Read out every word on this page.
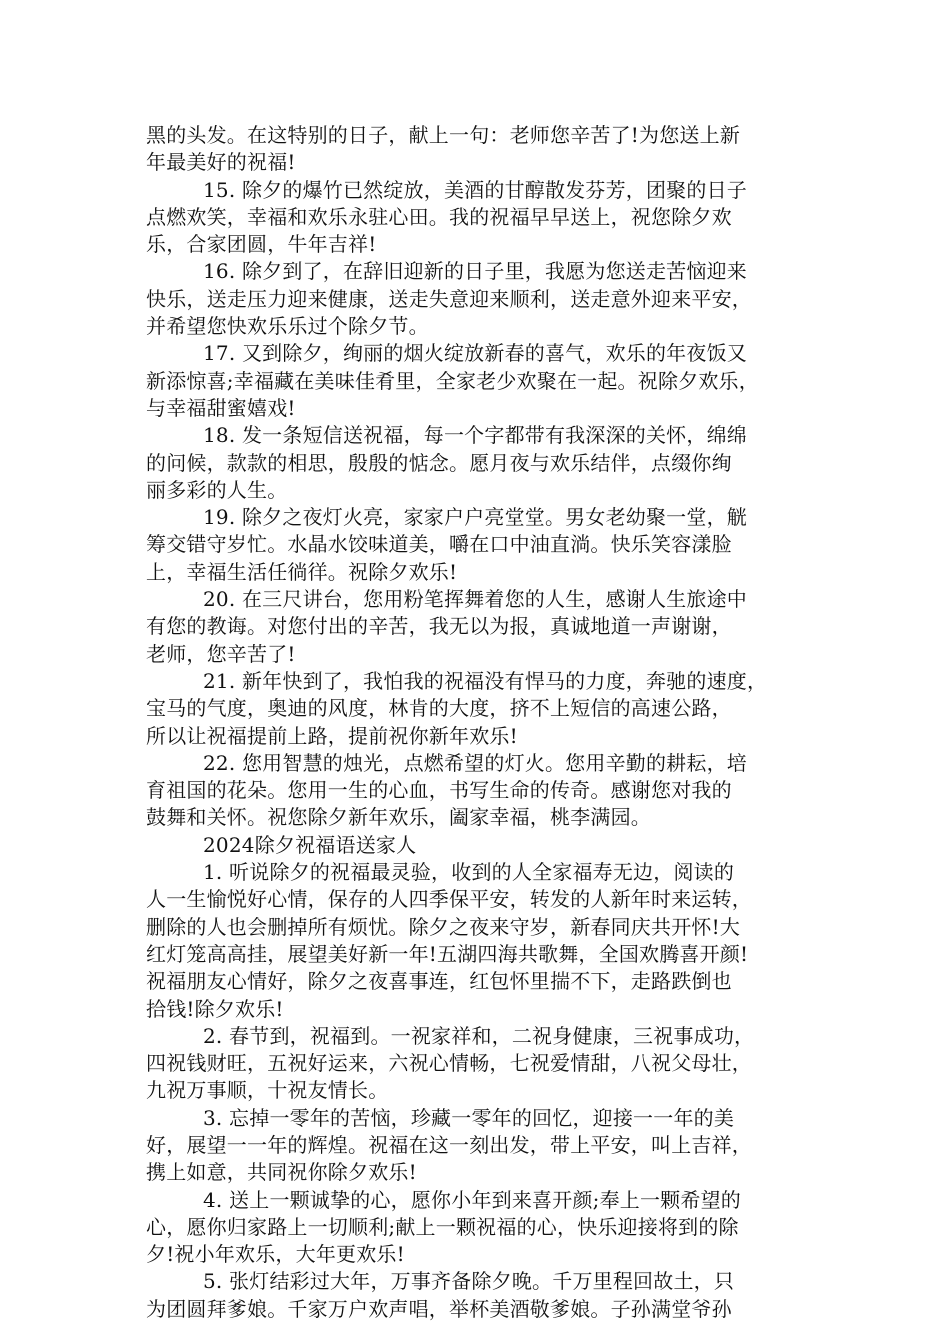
黑的头发。在这特别的日子，献上一句：老师您辛苦了!为您送上新
年最美好的祝福!
15. 除夕的爆竹已然绽放，美酒的甘醇散发芬芳，团聚的日子
点燃欢笑，幸福和欢乐永驻心田。我的祝福早早送上，祝您除夕欢
乐，合家团圆，牛年吉祥!
16. 除夕到了，在辞旧迎新的日子里，我愿为您送走苦恼迎来
快乐，送走压力迎来健康，送走失意迎来顺利，送走意外迎来平安，
并希望您快欢乐乐过个除夕节。
17. 又到除夕，绚丽的烟火绽放新春的喜气，欢乐的年夜饭又
新添惊喜;幸福藏在美味佳肴里，全家老少欢聚在一起。祝除夕欢乐，
与幸福甜蜜嬉戏!
18. 发一条短信送祝福，每一个字都带有我深深的关怀，绵绵
的问候，款款的相思，殷殷的惦念。愿月夜与欢乐结伴，点缀你绚
丽多彩的人生。
19. 除夕之夜灯火亮，家家户户亮堂堂。男女老幼聚一堂，觥
筹交错守岁忙。水晶水饺味道美，嚼在口中油直淌。快乐笑容漾脸
上，幸福生活任徜徉。祝除夕欢乐!
20. 在三尺讲台，您用粉笔挥舞着您的人生，感谢人生旅途中
有您的教诲。对您付出的辛苦，我无以为报，真诚地道一声谢谢，
老师，您辛苦了!
21. 新年快到了，我怕我的祝福没有悍马的力度，奔驰的速度，
宝马的气度，奥迪的风度，林肯的大度，挤不上短信的高速公路，
所以让祝福提前上路，提前祝你新年欢乐!
22. 您用智慧的烛光，点燃希望的灯火。您用辛勤的耕耘，培
育祖国的花朵。您用一生的心血，书写生命的传奇。感谢您对我的
鼓舞和关怀。祝您除夕新年欢乐，阖家幸福，桃李满园。
2024除夕祝福语送家人
1. 听说除夕的祝福最灵验，收到的人全家福寿无边，阅读的
人一生愉悦好心情，保存的人四季保平安，转发的人新年时来运转，
删除的人也会删掉所有烦忧。除夕之夜来守岁，新春同庆共开怀!大
红灯笼高高挂，展望美好新一年!五湖四海共歌舞，全国欢腾喜开颜!
祝福朋友心情好，除夕之夜喜事连，红包怀里揣不下，走路跌倒也
拾钱!除夕欢乐!
2. 春节到，祝福到。一祝家祥和，二祝身健康，三祝事成功，
四祝钱财旺，五祝好运来，六祝心情畅，七祝爱情甜，八祝父母壮，
九祝万事顺，十祝友情长。
3. 忘掉一零年的苦恼，珍藏一零年的回忆，迎接一一年的美
好，展望一一年的辉煌。祝福在这一刻出发，带上平安，叫上吉祥，
携上如意，共同祝你除夕欢乐!
4. 送上一颗诚挚的心，愿你小年到来喜开颜;奉上一颗希望的
心，愿你归家路上一切顺利;献上一颗祝福的心，快乐迎接将到的除
夕!祝小年欢乐，大年更欢乐!
5. 张灯结彩过大年，万事齐备除夕晚。千万里程回故土，只
为团圆拜爹娘。千家万户欢声唱，举杯美酒敬爹娘。子孙满堂爷孙
